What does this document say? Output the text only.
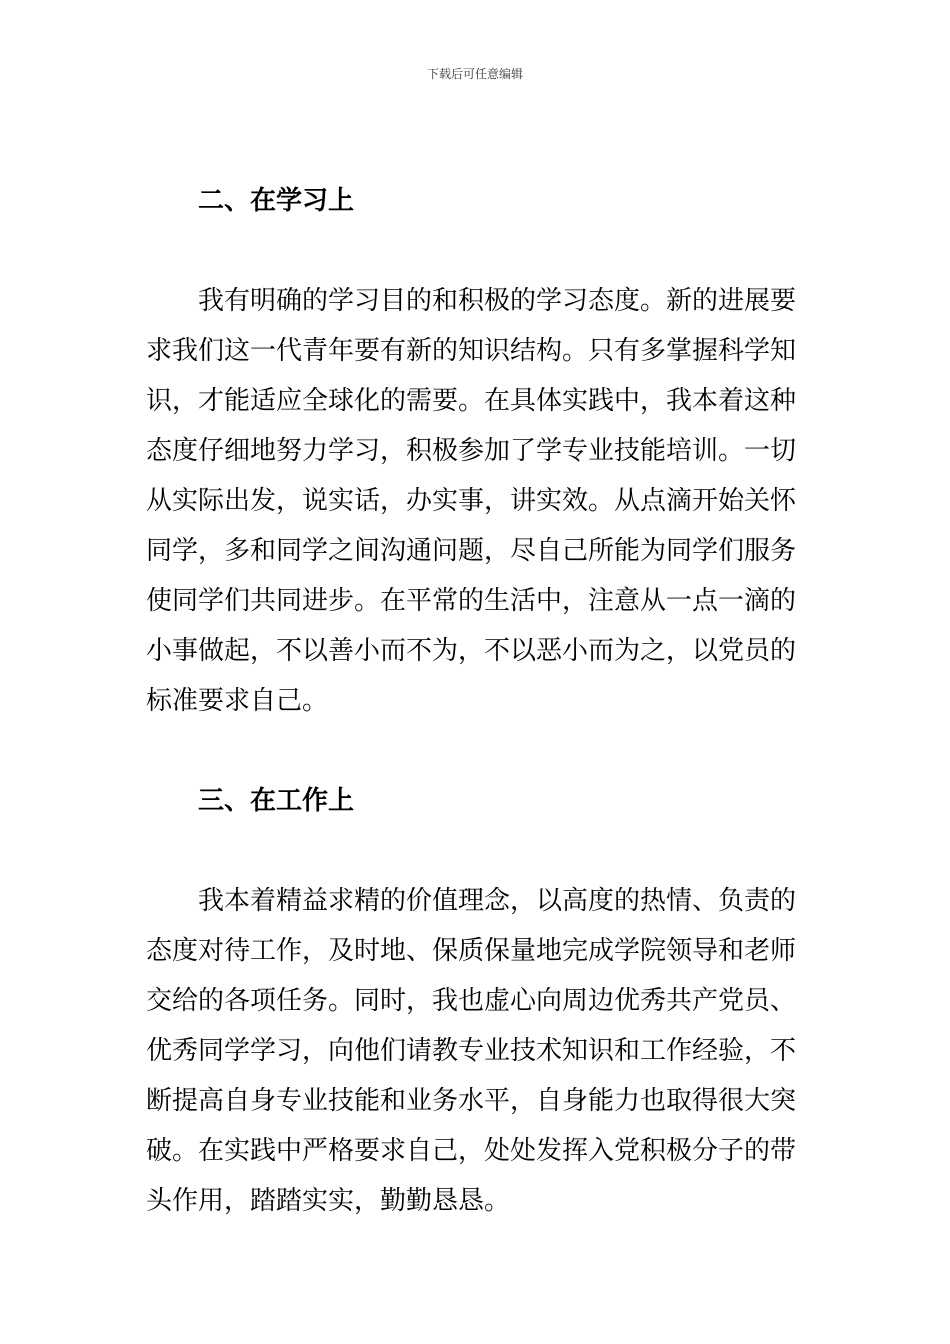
下载后可任意编辑
二、在学习上
我有明确的学习目的和积极的学习态度。新的进展要
求我们这一代青年要有新的知识结构。只有多掌握科学知
识，才能适应全球化的需要。在具体实践中，我本着这种
态度仔细地努力学习，积极参加了学专业技能培训。一切
从实际出发，说实话，办实事，讲实效。从点滴开始关怀
同学，多和同学之间沟通问题，尽自己所能为同学们服务
使同学们共同进步。在平常的生活中，注意从一点一滴的
小事做起，不以善小而不为，不以恶小而为之，以党员的
标准要求自己。
三、在工作上
我本着精益求精的价值理念，以高度的热情、负责的
态度对待工作，及时地、保质保量地完成学院领导和老师
交给的各项任务。同时，我也虚心向周边优秀共产党员、
优秀同学学习，向他们请教专业技术知识和工作经验，不
断提高自身专业技能和业务水平，自身能力也取得很大突
破。在实践中严格要求自己，处处发挥入党积极分子的带
头作用，踏踏实实，勤勤恳恳。
